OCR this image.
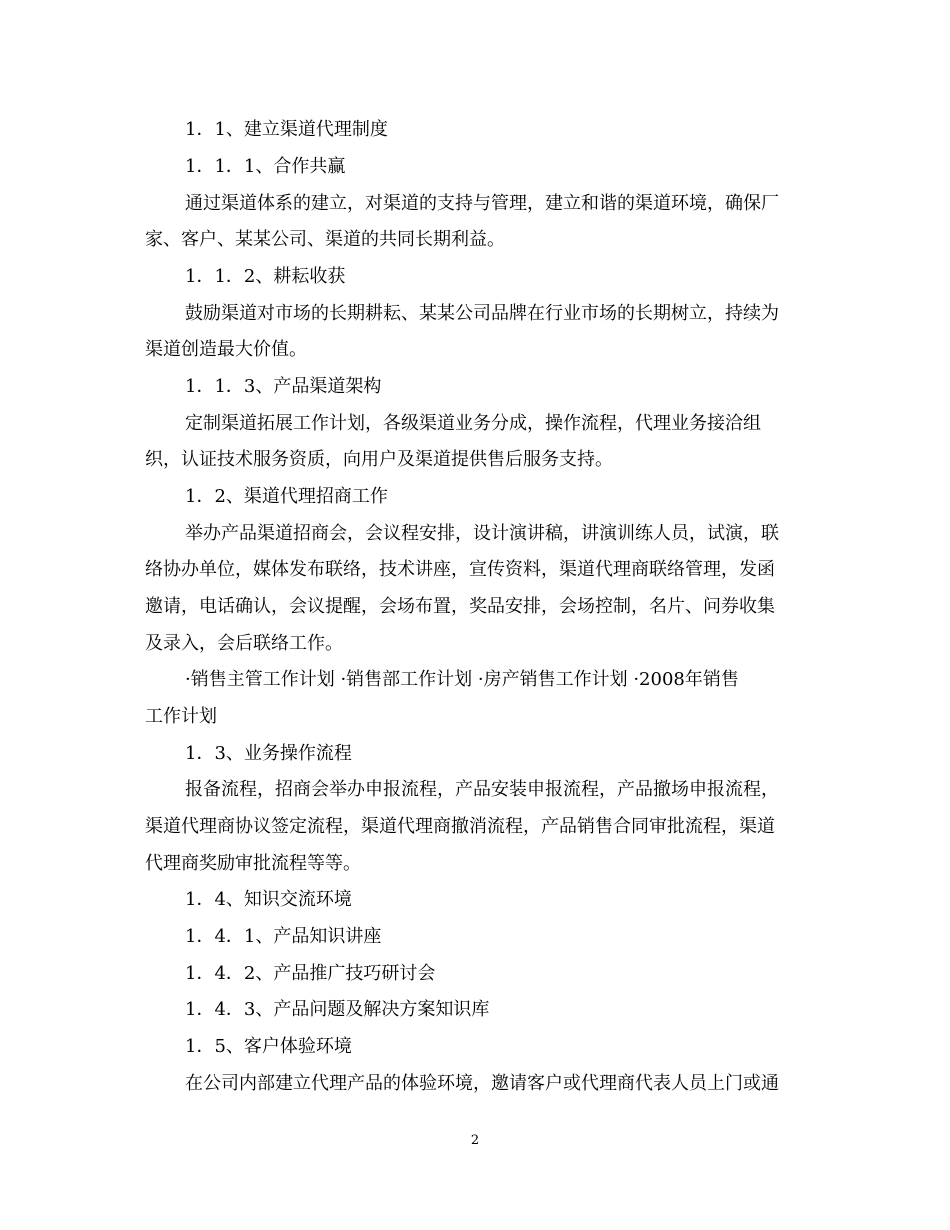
1．1、建立渠道代理制度

1．1．1、合作共赢

通过渠道体系的建立，对渠道的支持与管理，建立和谐的渠道环境，确保厂

家、客户、某某公司、渠道的共同长期利益。

1．1．2、耕耘收获

鼓励渠道对市场的长期耕耘、某某公司品牌在行业市场的长期树立，持续为

渠道创造最大价值。

1．1．3、产品渠道架构

定制渠道拓展工作计划，各级渠道业务分成，操作流程，代理业务接洽组

织，认证技术服务资质，向用户及渠道提供售后服务支持。

1．2、渠道代理招商工作

举办产品渠道招商会，会议程安排，设计演讲稿，讲演训练人员，试演，联

络协办单位，媒体发布联络，技术讲座，宣传资料，渠道代理商联络管理，发函

邀请，电话确认，会议提醒，会场布置，奖品安排，会场控制，名片、问券收集

及录入，会后联络工作。

·销售主管工作计划 ·销售部工作计划 ·房产销售工作计划 ·2008年销售

工作计划

1．3、业务操作流程

报备流程，招商会举办申报流程，产品安装申报流程，产品撤场申报流程，

渠道代理商协议签定流程，渠道代理商撤消流程，产品销售合同审批流程，渠道

代理商奖励审批流程等等。

1．4、知识交流环境

1．4．1、产品知识讲座

1．4．2、产品推广技巧研讨会

1．4．3、产品问题及解决方案知识库

1．5、客户体验环境

在公司内部建立代理产品的体验环境，邀请客户或代理商代表人员上门或通

2
